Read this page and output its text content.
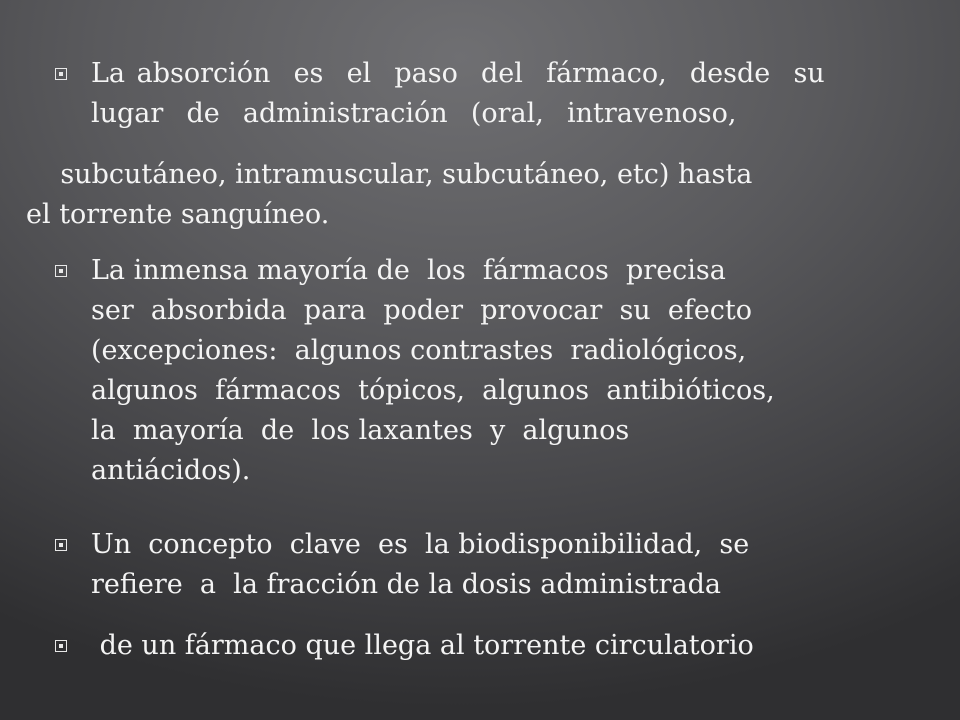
La absorción  es  el  paso  del  fármaco,  desde  su
lugar  de  administración  (oral,  intravenoso,
subcutáneo, intramuscular, subcutáneo, etc) hasta
el torrente sanguíneo.
La inmensa mayoría de  los  fármacos  precisa
ser  absorbida  para  poder  provocar  su  efecto
(excepciones:  algunos contrastes  radiológicos,
algunos  fármacos  tópicos,  algunos  antibióticos,
la  mayoría  de  los laxantes  y  algunos
antiácidos).
Un  concepto  clave  es  la biodisponibilidad,  se
refiere  a  la fracción de la dosis administrada
de un fármaco que llega al torrente circulatorio
